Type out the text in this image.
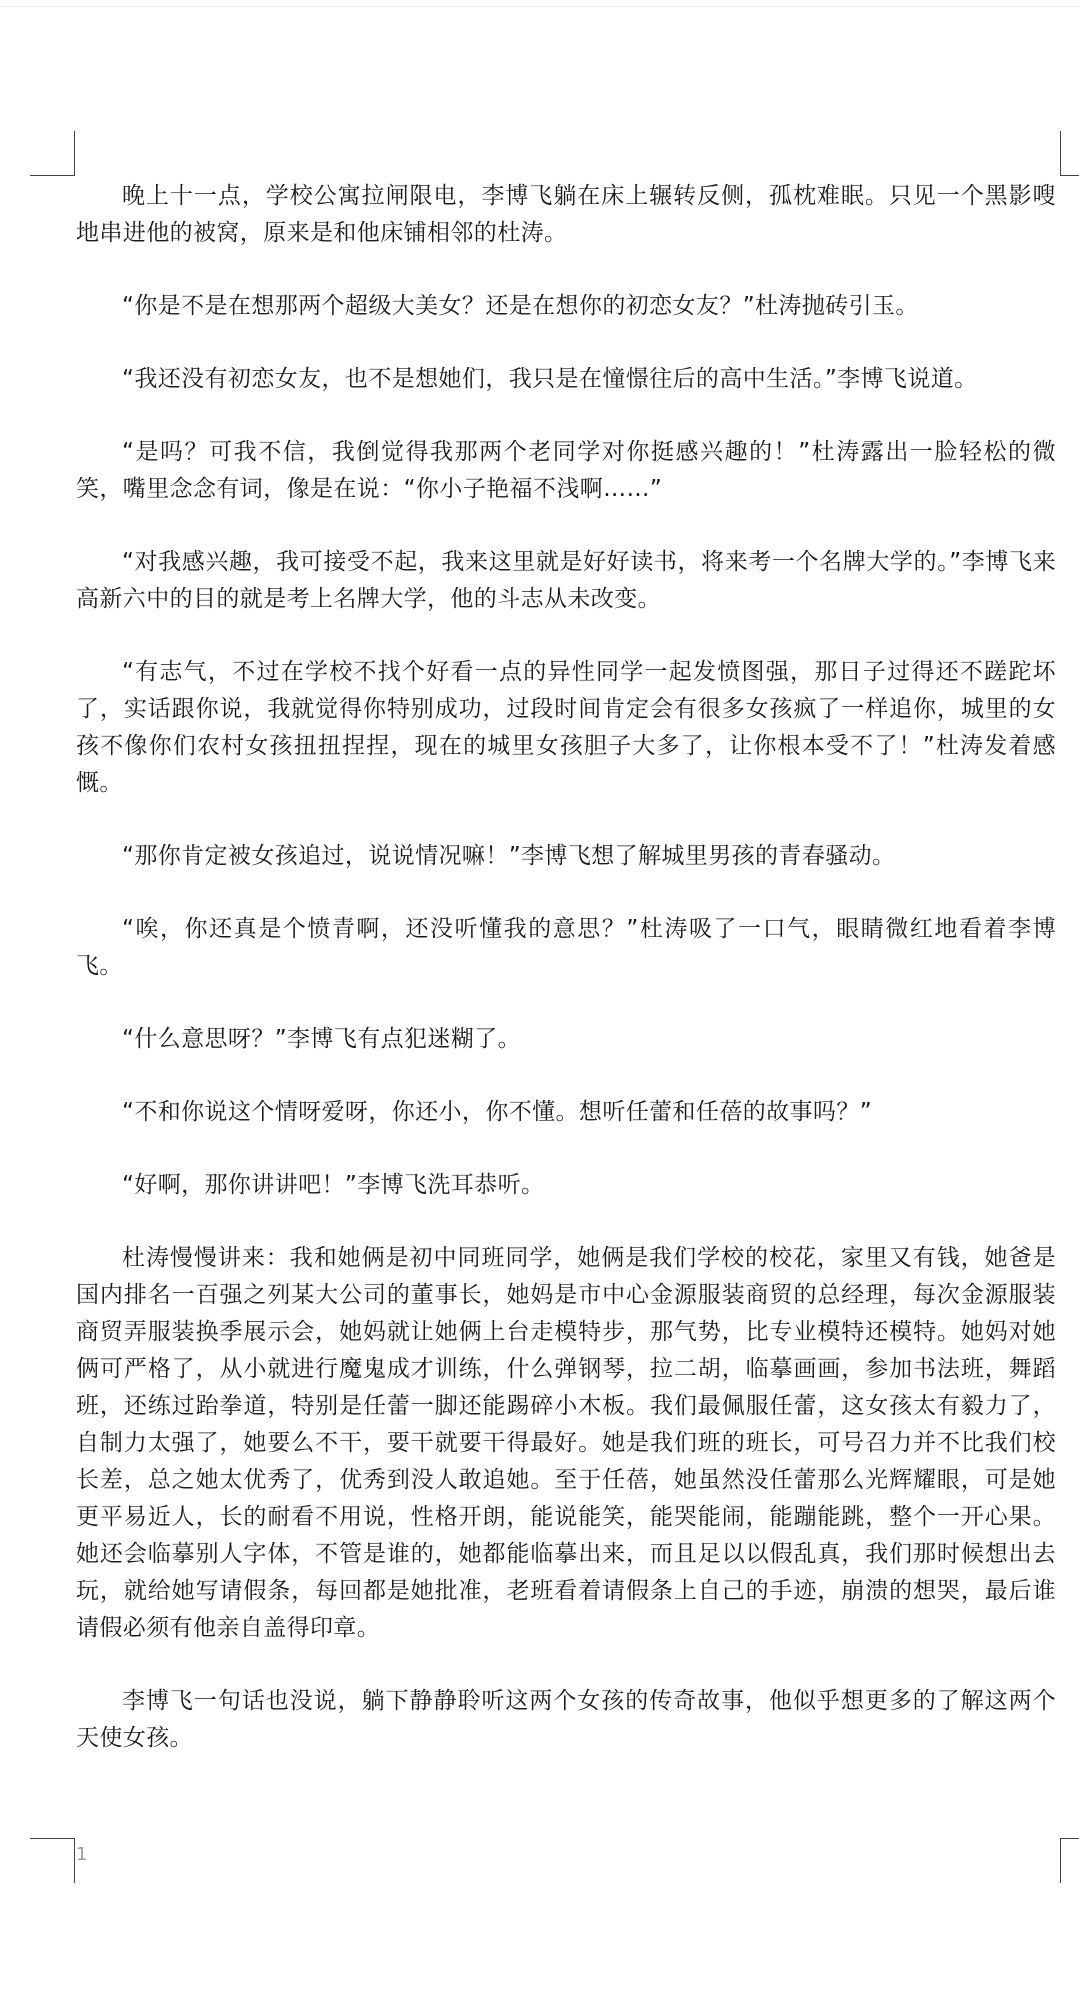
晚上十一点，学校公寓拉闸限电，李博飞躺在床上辗转反侧，孤枕难眠。只见一个黑影嗖地串进他的被窝，原来是和他床铺相邻的杜涛。

“你是不是在想那两个超级大美女？还是在想你的初恋女友？”杜涛抛砖引玉。

“我还没有初恋女友，也不是想她们，我只是在憧憬往后的高中生活。”李博飞说道。

“是吗？可我不信，我倒觉得我那两个老同学对你挺感兴趣的！”杜涛露出一脸轻松的微笑，嘴里念念有词，像是在说：“你小子艳福不浅啊……”

“对我感兴趣，我可接受不起，我来这里就是好好读书，将来考一个名牌大学的。”李博飞来高新六中的目的就是考上名牌大学，他的斗志从未改变。

“有志气，不过在学校不找个好看一点的异性同学一起发愤图强，那日子过得还不蹉跎坏了，实话跟你说，我就觉得你特别成功，过段时间肯定会有很多女孩疯了一样追你，城里的女孩不像你们农村女孩扭扭捏捏，现在的城里女孩胆子大多了，让你根本受不了！”杜涛发着感慨。

“那你肯定被女孩追过，说说情况嘛！”李博飞想了解城里男孩的青春骚动。

“唉，你还真是个愤青啊，还没听懂我的意思？”杜涛吸了一口气，眼睛微红地看着李博飞。

“什么意思呀？”李博飞有点犯迷糊了。

“不和你说这个情呀爱呀，你还小，你不懂。想听任蕾和任蓓的故事吗？”

“好啊，那你讲讲吧！”李博飞洗耳恭听。

杜涛慢慢讲来：我和她俩是初中同班同学，她俩是我们学校的校花，家里又有钱，她爸是国内排名一百强之列某大公司的董事长，她妈是市中心金源服装商贸的总经理，每次金源服装商贸弄服装换季展示会，她妈就让她俩上台走模特步，那气势，比专业模特还模特。她妈对她俩可严格了，从小就进行魔鬼成才训练，什么弹钢琴，拉二胡，临摹画画，参加书法班，舞蹈班，还练过跆拳道，特别是任蕾一脚还能踢碎小木板。我们最佩服任蕾，这女孩太有毅力了，自制力太强了，她要么不干，要干就要干得最好。她是我们班的班长，可号召力并不比我们校长差，总之她太优秀了，优秀到没人敢追她。至于任蓓，她虽然没任蕾那么光辉耀眼，可是她更平易近人，长的耐看不用说，性格开朗，能说能笑，能哭能闹，能蹦能跳，整个一开心果。她还会临摹别人字体，不管是谁的，她都能临摹出来，而且足以以假乱真，我们那时候想出去玩，就给她写请假条，每回都是她批准，老班看着请假条上自己的手迹，崩溃的想哭，最后谁请假必须有他亲自盖得印章。

李博飞一句话也没说，躺下静静聆听这两个女孩的传奇故事，他似乎想更多的了解这两个天使女孩。

1
